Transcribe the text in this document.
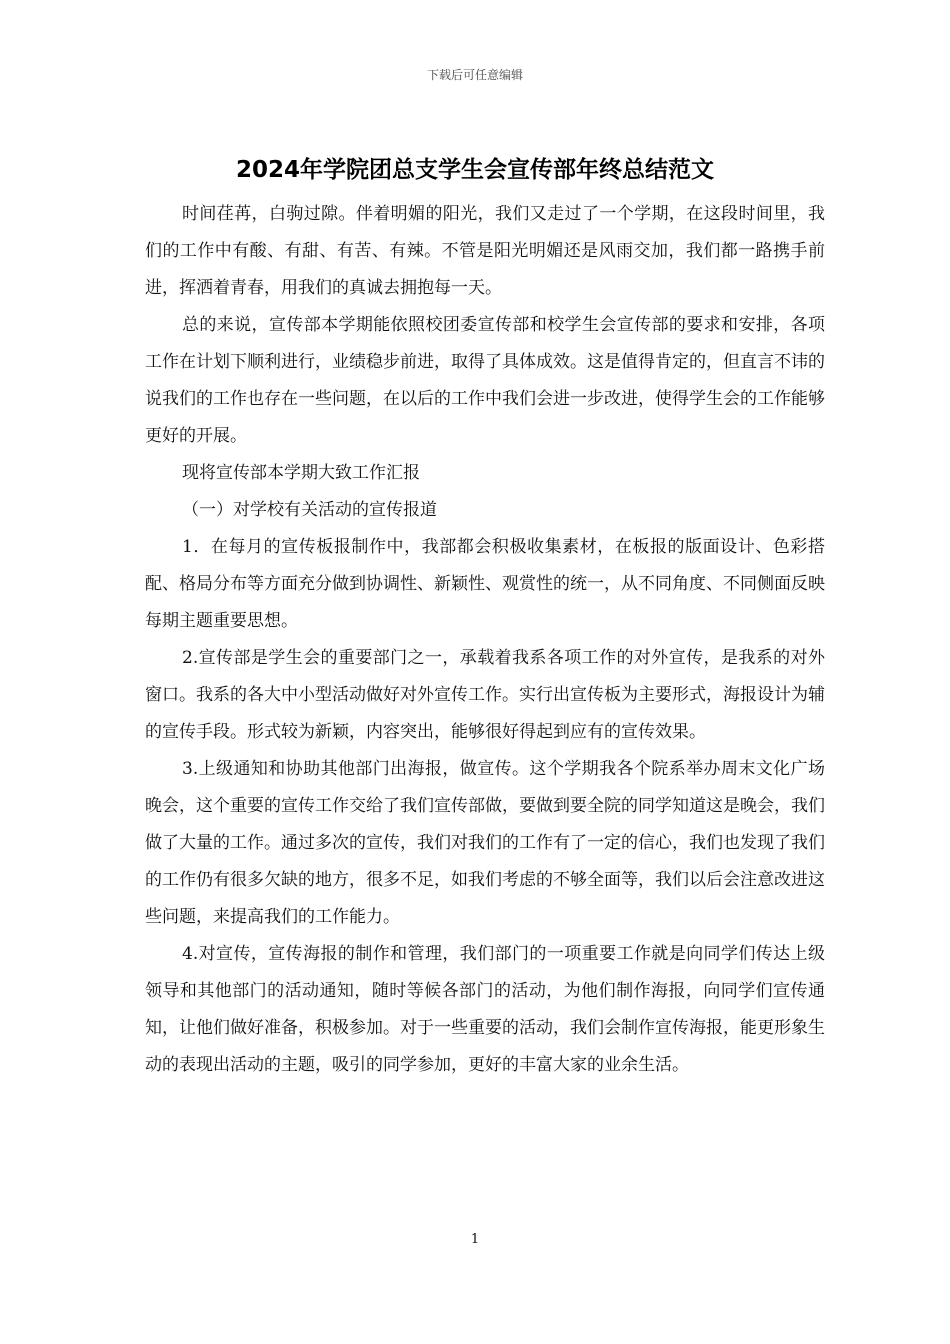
下载后可任意编辑
2024年学院团总支学生会宣传部年终总结范文

时间荏苒，白驹过隙。伴着明媚的阳光，我们又走过了一个学期，在这段时间里，我们的工作中有酸、有甜、有苦、有辣。不管是阳光明媚还是风雨交加，我们都一路携手前进，挥洒着青春，用我们的真诚去拥抱每一天。

总的来说，宣传部本学期能依照校团委宣传部和校学生会宣传部的要求和安排，各项工作在计划下顺利进行，业绩稳步前进，取得了具体成效。这是值得肯定的，但直言不讳的说我们的工作也存在一些问题，在以后的工作中我们会进一步改进，使得学生会的工作能够更好的开展。

现将宣传部本学期大致工作汇报

（一）对学校有关活动的宣传报道

1．在每月的宣传板报制作中，我部都会积极收集素材，在板报的版面设计、色彩搭配、格局分布等方面充分做到协调性、新颖性、观赏性的统一，从不同角度、不同侧面反映每期主题重要思想。

2.宣传部是学生会的重要部门之一，承载着我系各项工作的对外宣传，是我系的对外窗口。我系的各大中小型活动做好对外宣传工作。实行出宣传板为主要形式，海报设计为辅的宣传手段。形式较为新颖，内容突出，能够很好得起到应有的宣传效果。

3.上级通知和协助其他部门出海报，做宣传。这个学期我各个院系举办周末文化广场晚会，这个重要的宣传工作交给了我们宣传部做，要做到要全院的同学知道这是晚会，我们做了大量的工作。通过多次的宣传，我们对我们的工作有了一定的信心，我们也发现了我们的工作仍有很多欠缺的地方，很多不足，如我们考虑的不够全面等，我们以后会注意改进这些问题，来提高我们的工作能力。

4.对宣传，宣传海报的制作和管理，我们部门的一项重要工作就是向同学们传达上级领导和其他部门的活动通知，随时等候各部门的活动，为他们制作海报，向同学们宣传通知，让他们做好准备，积极参加。对于一些重要的活动，我们会制作宣传海报，能更形象生动的表现出活动的主题，吸引的同学参加，更好的丰富大家的业余生活。

1
